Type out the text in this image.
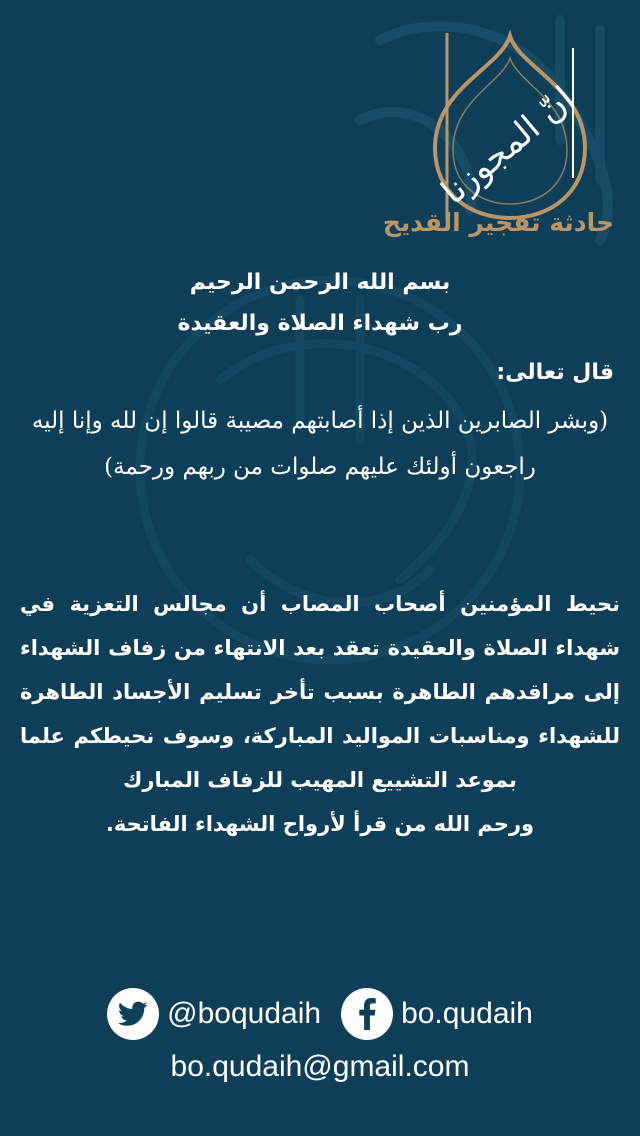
انّ المجوزنا
حادثة تفجير القديح
بسم الله الرحمن الرحيم
رب شهداء الصلاة والعقيدة
قال تعالى:
(وبشر الصابرين الذين إذا أصابتهم مصيبة قالوا إن لله وإنا إليه راجعون أولئك عليهم صلوات من ربهم ورحمة)
نحيط المؤمنين أصحاب المصاب أن مجالس التعزية في شهداء الصلاة والعقيدة تعقد بعد الانتهاء من زفاف الشهداء إلى مراقدهم الطاهرة بسبب تأخر تسليم الأجساد الطاهرة للشهداء ومناسبات المواليد المباركة، وسوف نحيطكم علما بموعد التشييع المهيب للزفاف المبارك
ورحم الله من قرأ لأرواح الشهداء الفاتحة.
@boqudaih	bo.qudaih
bo.qudaih@gmail.com
